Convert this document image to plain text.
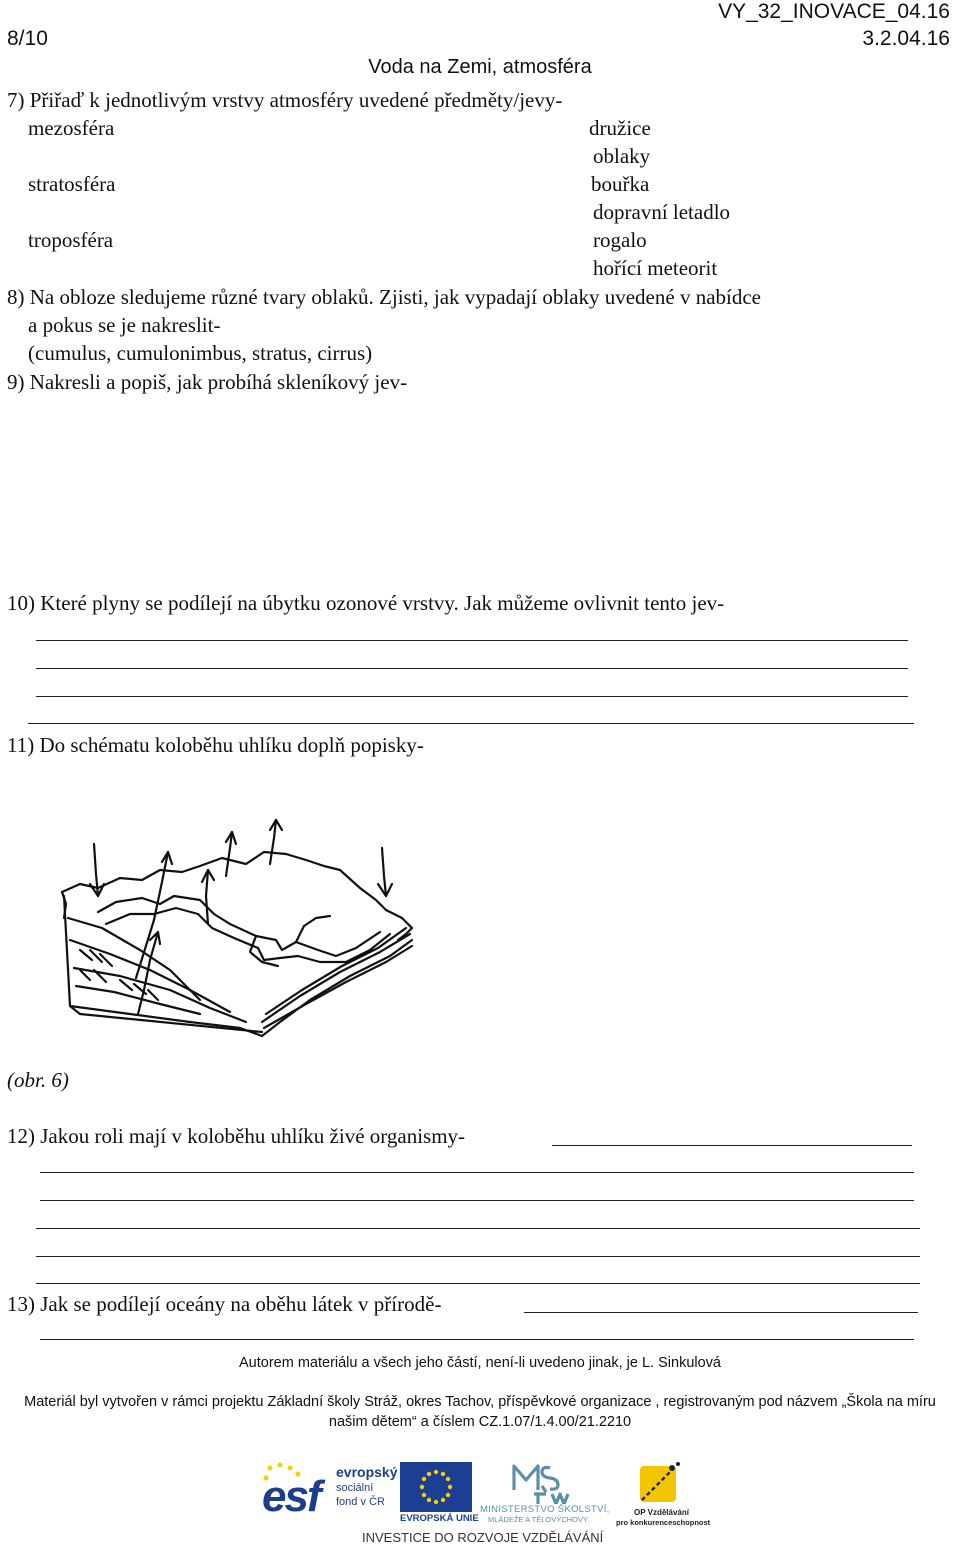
VY_32_INOVACE_04.16
8/10	3.2.04.16
Voda na Zemi, atmosféra
7) Přiřaď k jednotlivým vrstvy atmosféry uvedené předměty/jevy-
mezosféra
stratosféra
troposféra
družice
oblaky
bouřka
dopravní letadlo
rogalo
hořící meteorit
8) Na obloze sledujeme různé tvary oblaků. Zjisti, jak vypadají oblaky uvedené v nabídce
a pokus se je nakreslit-
(cumulus, cumulonimbus, stratus, cirrus)
9) Nakresli a popiš, jak probíhá skleníkový jev-
10) Které plyny se podílejí na úbytku ozonové vrstvy. Jak můžeme ovlivnit tento jev-
11) Do schématu koloběhu uhlíku doplň popisky-
(obr. 6)
12) Jakou roli mají v koloběhu uhlíku živé organismy-
13) Jak se podílejí oceány na oběhu látek v přírodě-
Autorem materiálu a všech jeho částí, není-li uvedeno jinak, je L. Sinkulová
Materiál byl vytvořen v rámci projektu Základní školy Stráž, okres Tachov, příspěvkové organizace , registrovaným pod názvem „Škola na míru
našim dětem“ a číslem CZ.1.07/1.4.00/21.2210
esf evropský
sociální
fond v ČR
EVROPSKÁ UNIE
MINISTERSTVO ŠKOLSTVÍ,
MLÁDEŽE A TĚLOVÝCHOVY
OP Vzdělávání
pro konkurenceschopnost
INVESTICE DO ROZVOJE VZDĚLÁVÁNÍ
